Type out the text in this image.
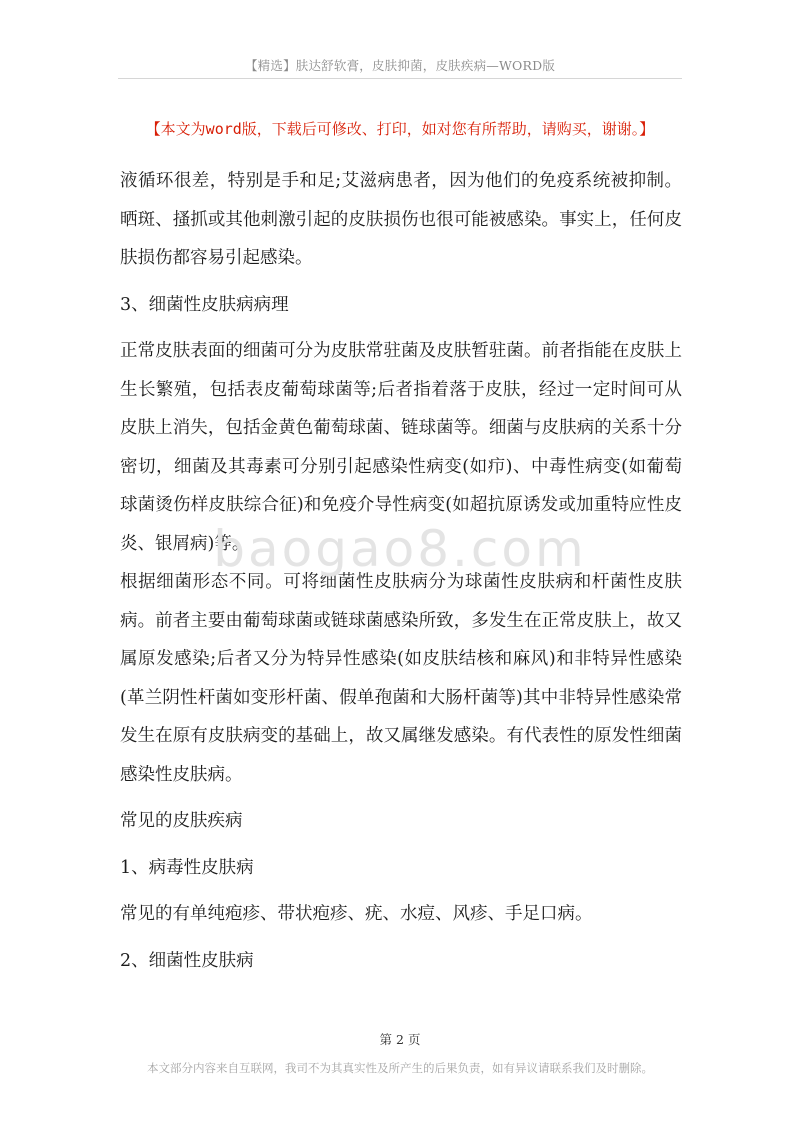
【精选】肤达舒软膏，皮肤抑菌，皮肤疾病—WORD版
【本文为word版，下载后可修改、打印，如对您有所帮助，请购买，谢谢。】

液循环很差，特别是手和足;艾滋病患者，因为他们的免疫系统被抑制。晒斑、搔抓或其他刺激引起的皮肤损伤也很可能被感染。事实上，任何皮肤损伤都容易引起感染。

3、细菌性皮肤病病理

正常皮肤表面的细菌可分为皮肤常驻菌及皮肤暂驻菌。前者指能在皮肤上生长繁殖，包括表皮葡萄球菌等;后者指着落于皮肤，经过一定时间可从皮肤上消失，包括金黄色葡萄球菌、链球菌等。细菌与皮肤病的关系十分密切，细菌及其毒素可分别引起感染性病变(如疖)、中毒性病变(如葡萄球菌烫伤样皮肤综合征)和免疫介导性病变(如超抗原诱发或加重特应性皮炎、银屑病)等。

根据细菌形态不同。可将细菌性皮肤病分为球菌性皮肤病和杆菌性皮肤病。前者主要由葡萄球菌或链球菌感染所致，多发生在正常皮肤上，故又属原发感染;后者又分为特异性感染(如皮肤结核和麻风)和非特异性感染(革兰阴性杆菌如变形杆菌、假单孢菌和大肠杆菌等)其中非特异性感染常发生在原有皮肤病变的基础上，故又属继发感染。有代表性的原发性细菌感染性皮肤病。

常见的皮肤疾病

1、病毒性皮肤病

常见的有单纯疱疹、带状疱疹、疣、水痘、风疹、手足口病。

2、细菌性皮肤病

baogao8.com
第 2 页
本文部分内容来自互联网，我司不为其真实性及所产生的后果负责，如有异议请联系我们及时删除。
